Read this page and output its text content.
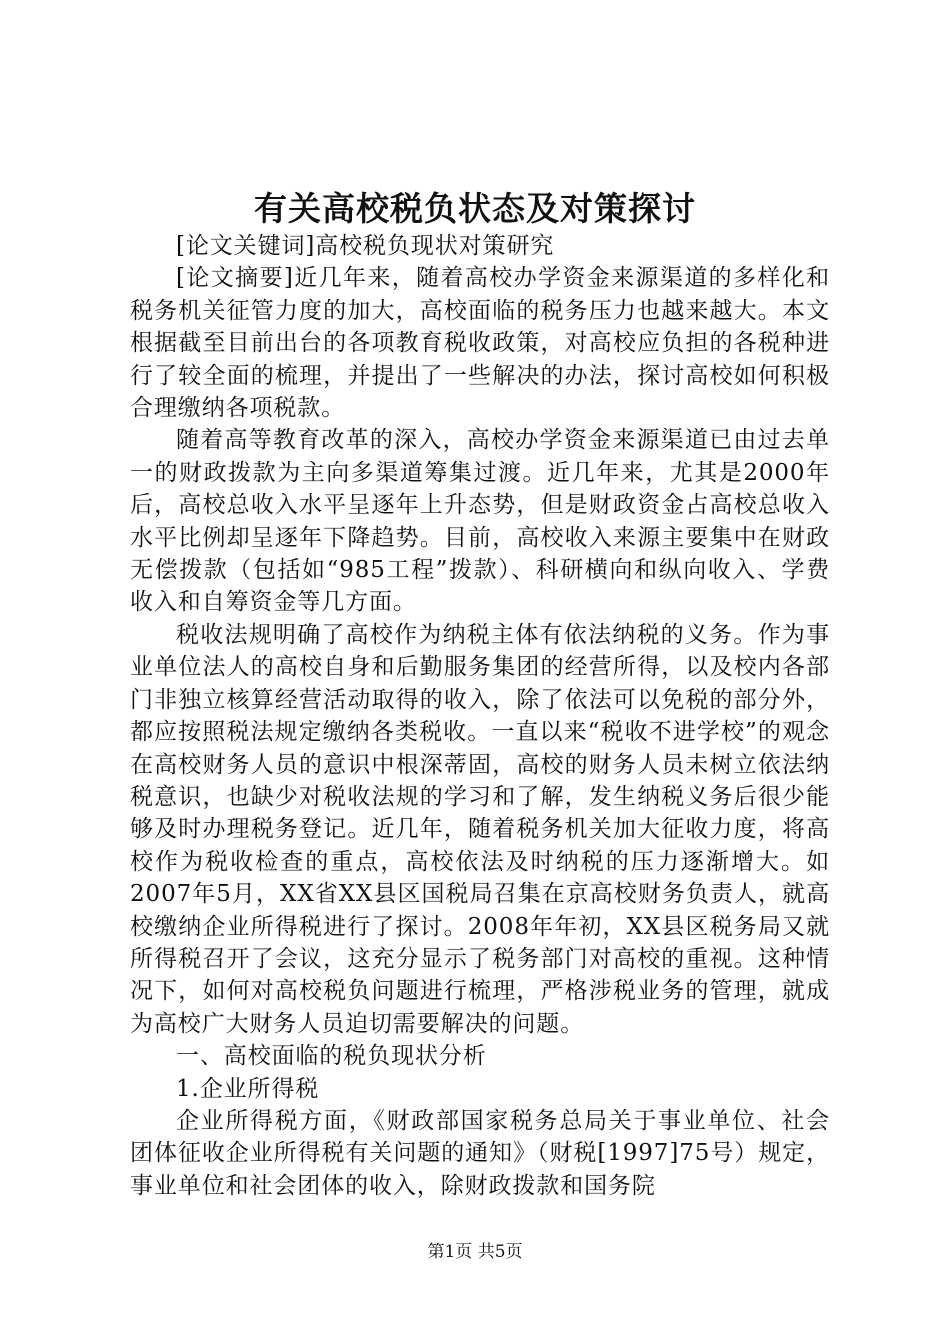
有关高校税负状态及对策探讨

[论文关键词]高校税负现状对策研究

[论文摘要]近几年来，随着高校办学资金来源渠道的多样化和税务机关征管力度的加大，高校面临的税务压力也越来越大。本文根据截至目前出台的各项教育税收政策，对高校应负担的各税种进行了较全面的梳理，并提出了一些解决的办法，探讨高校如何积极合理缴纳各项税款。

随着高等教育改革的深入，高校办学资金来源渠道已由过去单一的财政拨款为主向多渠道筹集过渡。近几年来，尤其是2000年后，高校总收入水平呈逐年上升态势，但是财政资金占高校总收入水平比例却呈逐年下降趋势。目前，高校收入来源主要集中在财政无偿拨款（包括如“985工程”拨款）、科研横向和纵向收入、学费收入和自筹资金等几方面。

税收法规明确了高校作为纳税主体有依法纳税的义务。作为事业单位法人的高校自身和后勤服务集团的经营所得，以及校内各部门非独立核算经营活动取得的收入，除了依法可以免税的部分外，都应按照税法规定缴纳各类税收。一直以来“税收不进学校”的观念在高校财务人员的意识中根深蒂固，高校的财务人员未树立依法纳税意识，也缺少对税收法规的学习和了解，发生纳税义务后很少能够及时办理税务登记。近几年，随着税务机关加大征收力度，将高校作为税收检查的重点，高校依法及时纳税的压力逐渐增大。如2007年5月，XX省XX县区国税局召集在京高校财务负责人，就高校缴纳企业所得税进行了探讨。2008年年初，XX县区税务局又就所得税召开了会议，这充分显示了税务部门对高校的重视。这种情况下，如何对高校税负问题进行梳理，严格涉税业务的管理，就成为高校广大财务人员迫切需要解决的问题。

一、高校面临的税负现状分析

1.企业所得税

企业所得税方面，《财政部国家税务总局关于事业单位、社会团体征收企业所得税有关问题的通知》（财税[1997]75号）规定，事业单位和社会团体的收入，除财政拨款和国务院

第1页 共5页
